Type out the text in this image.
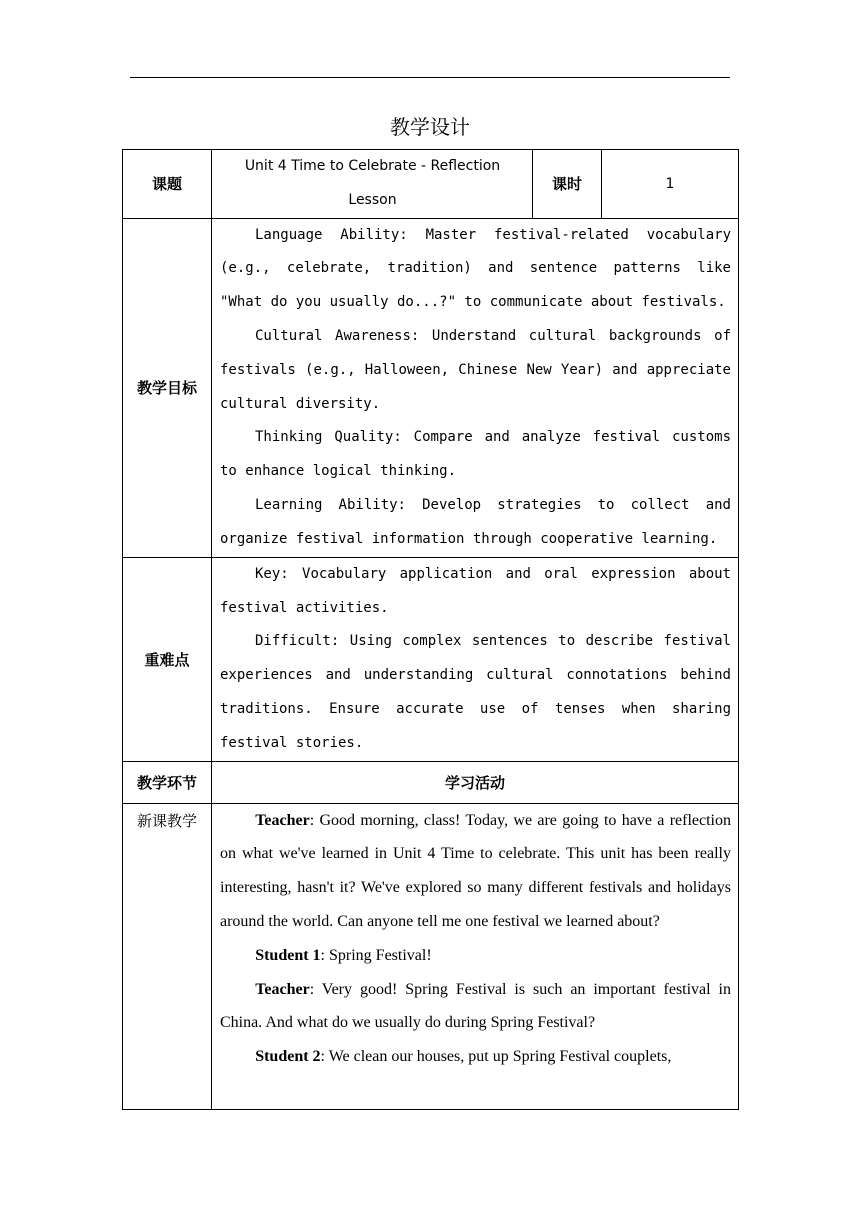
教学设计
课题	Unit 4 Time to Celebrate - Reflection Lesson	课时	1
教学目标	Language Ability: Master festival-related vocabulary (e.g., celebrate, tradition) and sentence patterns like "What do you usually do...?" to communicate about festivals.

Cultural Awareness: Understand cultural backgrounds of festivals (e.g., Halloween, Chinese New Year) and appreciate cultural diversity.

Thinking Quality: Compare and analyze festival customs to enhance logical thinking.

Learning Ability: Develop strategies to collect and organize festival information through cooperative learning.		

重难点	Key: Vocabulary application and oral expression about festival activities.

Difficult: Using complex sentences to describe festival experiences and understanding cultural connotations behind traditions. Ensure accurate use of tenses when sharing festival stories.		

教学环节	学习活动		
新课教学	Teacher: Good morning, class! Today, we are going to have a reflection on what we've learned in Unit 4 Time to celebrate. This unit has been really interesting, hasn't it? We've explored so many different festivals and holidays around the world. Can anyone tell me one festival we learned about?

Student 1: Spring Festival!

Teacher: Very good! Spring Festival is such an important festival in China. And what do we usually do during Spring Festival?

Student 2: We clean our houses, put up Spring Festival couplets,		
